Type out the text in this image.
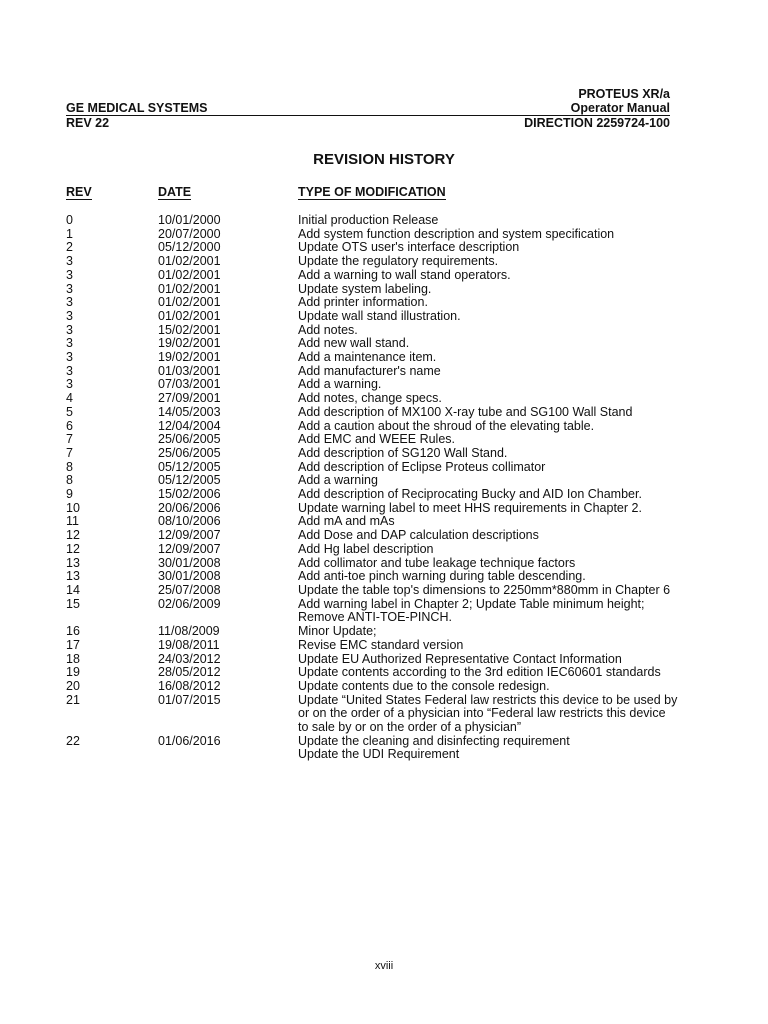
PROTEUS XR/a
GE MEDICAL SYSTEMS	Operator Manual
REV 22	DIRECTION 2259724-100
REVISION HISTORY
REV	DATE	TYPE OF MODIFICATION
0	10/01/2000	Initial production Release
1	20/07/2000	Add system function description and system specification
2	05/12/2000	Update OTS user's interface description
3	01/02/2001	Update the regulatory requirements.
3	01/02/2001	Add a warning to wall stand operators.
3	01/02/2001	Update system labeling.
3	01/02/2001	Add printer information.
3	01/02/2001	Update wall stand illustration.
3	15/02/2001	Add notes.
3	19/02/2001	Add new wall stand.
3	19/02/2001	Add a maintenance item.
3	01/03/2001	Add manufacturer's name
3	07/03/2001	Add a warning.
4	27/09/2001	Add notes, change specs.
5	14/05/2003	Add description of MX100 X-ray tube and SG100 Wall Stand
6	12/04/2004	Add a caution about the shroud of the elevating table.
7	25/06/2005	Add EMC and WEEE Rules.
7	25/06/2005	Add description of SG120 Wall Stand.
8	05/12/2005	Add description of Eclipse Proteus collimator
8	05/12/2005	Add a warning
9	15/02/2006	Add description of Reciprocating Bucky and AID Ion Chamber.
10	20/06/2006	Update warning label to meet HHS requirements in Chapter 2.
11	08/10/2006	Add mA and mAs
12	12/09/2007	Add Dose and DAP calculation descriptions
12	12/09/2007	Add Hg label description
13	30/01/2008	Add collimator and tube leakage technique factors
13	30/01/2008	Add anti-toe pinch warning during table descending.
14	25/07/2008	Update the table top's dimensions to 2250mm*880mm in Chapter 6
15	02/06/2009	Add warning label in Chapter 2; Update Table minimum height; Remove ANTI-TOE-PINCH.
16	11/08/2009	Minor Update;
17	19/08/2011	Revise EMC standard version
18	24/03/2012	Update EU Authorized Representative Contact Information
19	28/05/2012	Update contents according to the 3rd edition IEC60601 standards
20	16/08/2012	Update contents due to the console redesign.
21	01/07/2015	Update “United States Federal law restricts this device to be used by or on the order of a physician into “Federal law restricts this device to sale by or on the order of a physician”
22	01/06/2016	Update the cleaning and disinfecting requirement
Update the UDI Requirement
xviii
